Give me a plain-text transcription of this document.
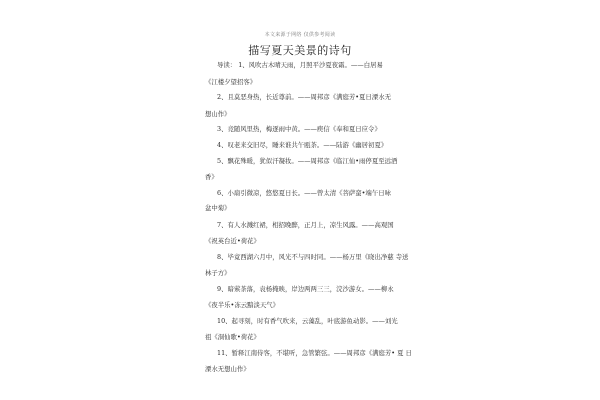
本文来源于网络 仅供参考阅读
描写夏天美景的诗句
导读： 1、风吹古木晴天雨，月照平沙夏夜霜。——白居易
《江楼夕望招客》
2、且莫恶身热，长近尊前。——周邦彦《满庭芳•夏日溧水无
想山作》
3、竞随风里热，梅逐雨中黄。——庾信《奉和夏日应令》
4、叹老来交旧尽，睡来谁共午瓯茶。——陆游《幽居初夏》
5、飘花殊暖，犹似汗凝妆。——周邦彦《临江仙•雨停夏至远酒
香》
6、小扇引微凉，悠悠夏日长。——曾太清《菩萨蛮•端午日咏
盆中菊》
7、有人水溅红裙，相招晚醉，正月上，凉生风露。——高观国
《祝英台近•荷花》
8、毕竟西湖六月中，风光不与四时同。——杨万里《晓出净慈 寺送
林子方》
9、暗萦茶落，袁杨掩映，岸边两两三三，浣沙游女。——柳永
《夜半乐•冻云黯淡天气》
10、起寻刻，时有香气吹来，云藻乱，叶底游鱼动影。——刘光
祖《洞仙歌•荷花》
11、暂释江南侍客，不堪听，急管繁弦。——周邦彦《满庭芳• 夏 日
溧水无想山作》
